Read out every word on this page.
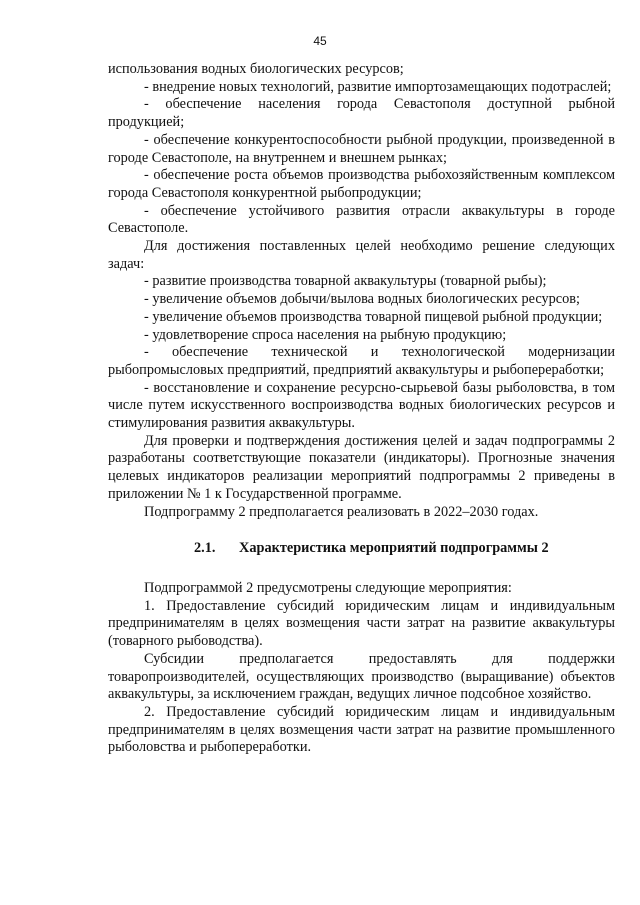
45

использования водных биологических ресурсов;

- внедрение новых технологий, развитие импортозамещающих подотраслей;

- обеспечение населения города Севастополя доступной рыбной продукцией;

- обеспечение конкурентоспособности рыбной продукции, произведенной в городе Севастополе, на внутреннем и внешнем рынках;

- обеспечение роста объемов производства рыбохозяйственным комплексом города Севастополя конкурентной рыбопродукции;

- обеспечение устойчивого развития отрасли аквакультуры в городе Севастополе.

Для достижения поставленных целей необходимо решение следующих задач:

- развитие производства товарной аквакультуры (товарной рыбы);

- увеличение объемов добычи/вылова водных биологических ресурсов;

- увеличение объемов производства товарной пищевой рыбной продукции;

- удовлетворение спроса населения на рыбную продукцию;

- обеспечение технической и технологической модернизации рыбопромысловых предприятий, предприятий аквакультуры и рыбопереработки;

- восстановление и сохранение ресурсно-сырьевой базы рыболовства, в том числе путем искусственного воспроизводства водных биологических ресурсов и стимулирования развития аквакультуры.

Для проверки и подтверждения достижения целей и задач подпрограммы 2 разработаны соответствующие показатели (индикаторы). Прогнозные значения целевых индикаторов реализации мероприятий подпрограммы 2 приведены в приложении № 1 к Государственной программе.

Подпрограмму 2 предполагается реализовать в 2022–2030 годах.

2.1. Характеристика мероприятий подпрограммы 2

Подпрограммой 2 предусмотрены следующие мероприятия:

1. Предоставление субсидий юридическим лицам и индивидуальным предпринимателям в целях возмещения части затрат на развитие аквакультуры (товарного рыбоводства).

Субсидии предполагается предоставлять для поддержки товаропроизводителей, осуществляющих производство (выращивание) объектов аквакультуры, за исключением граждан, ведущих личное подсобное хозяйство.

2. Предоставление субсидий юридическим лицам и индивидуальным предпринимателям в целях возмещения части затрат на развитие промышленного рыболовства и рыбопереработки.
